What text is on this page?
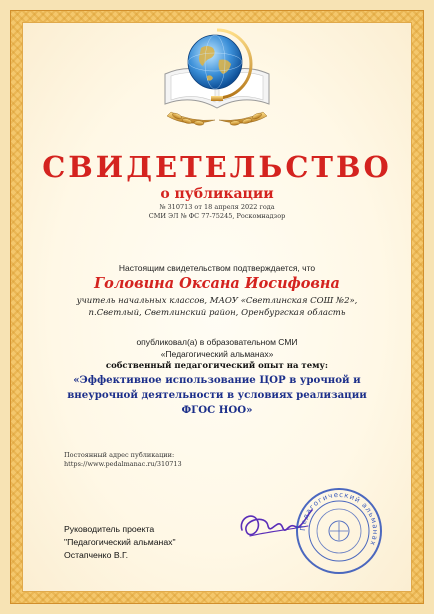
СВИДЕТЕЛЬСТВО
о публикации
№ 310713 от 18 апреля 2022 года
СМИ ЭЛ № ФС 77-75245, Роскомнадзор
Настоящим свидетельством подтверждается, что
Головина Оксана Иосифовна
учитель начальных классов, МАОУ «Светлинская СОШ №2»,
п.Светлый, Светлинский район, Оренбургская область
опубликовал(а) в образовательном СМИ
«Педагогический альманах»
собственный педагогический опыт на тему:
«Эффективное использование ЦОР в урочной и
внеурочной деятельности в условиях реализации
ФГОС НОО»
Постоянный адрес публикации:
https://www.pedalmanac.ru/310713
Руководитель проекта
"Педагогический альманах"
Остапченко В.Г.
Педагогический альманах
